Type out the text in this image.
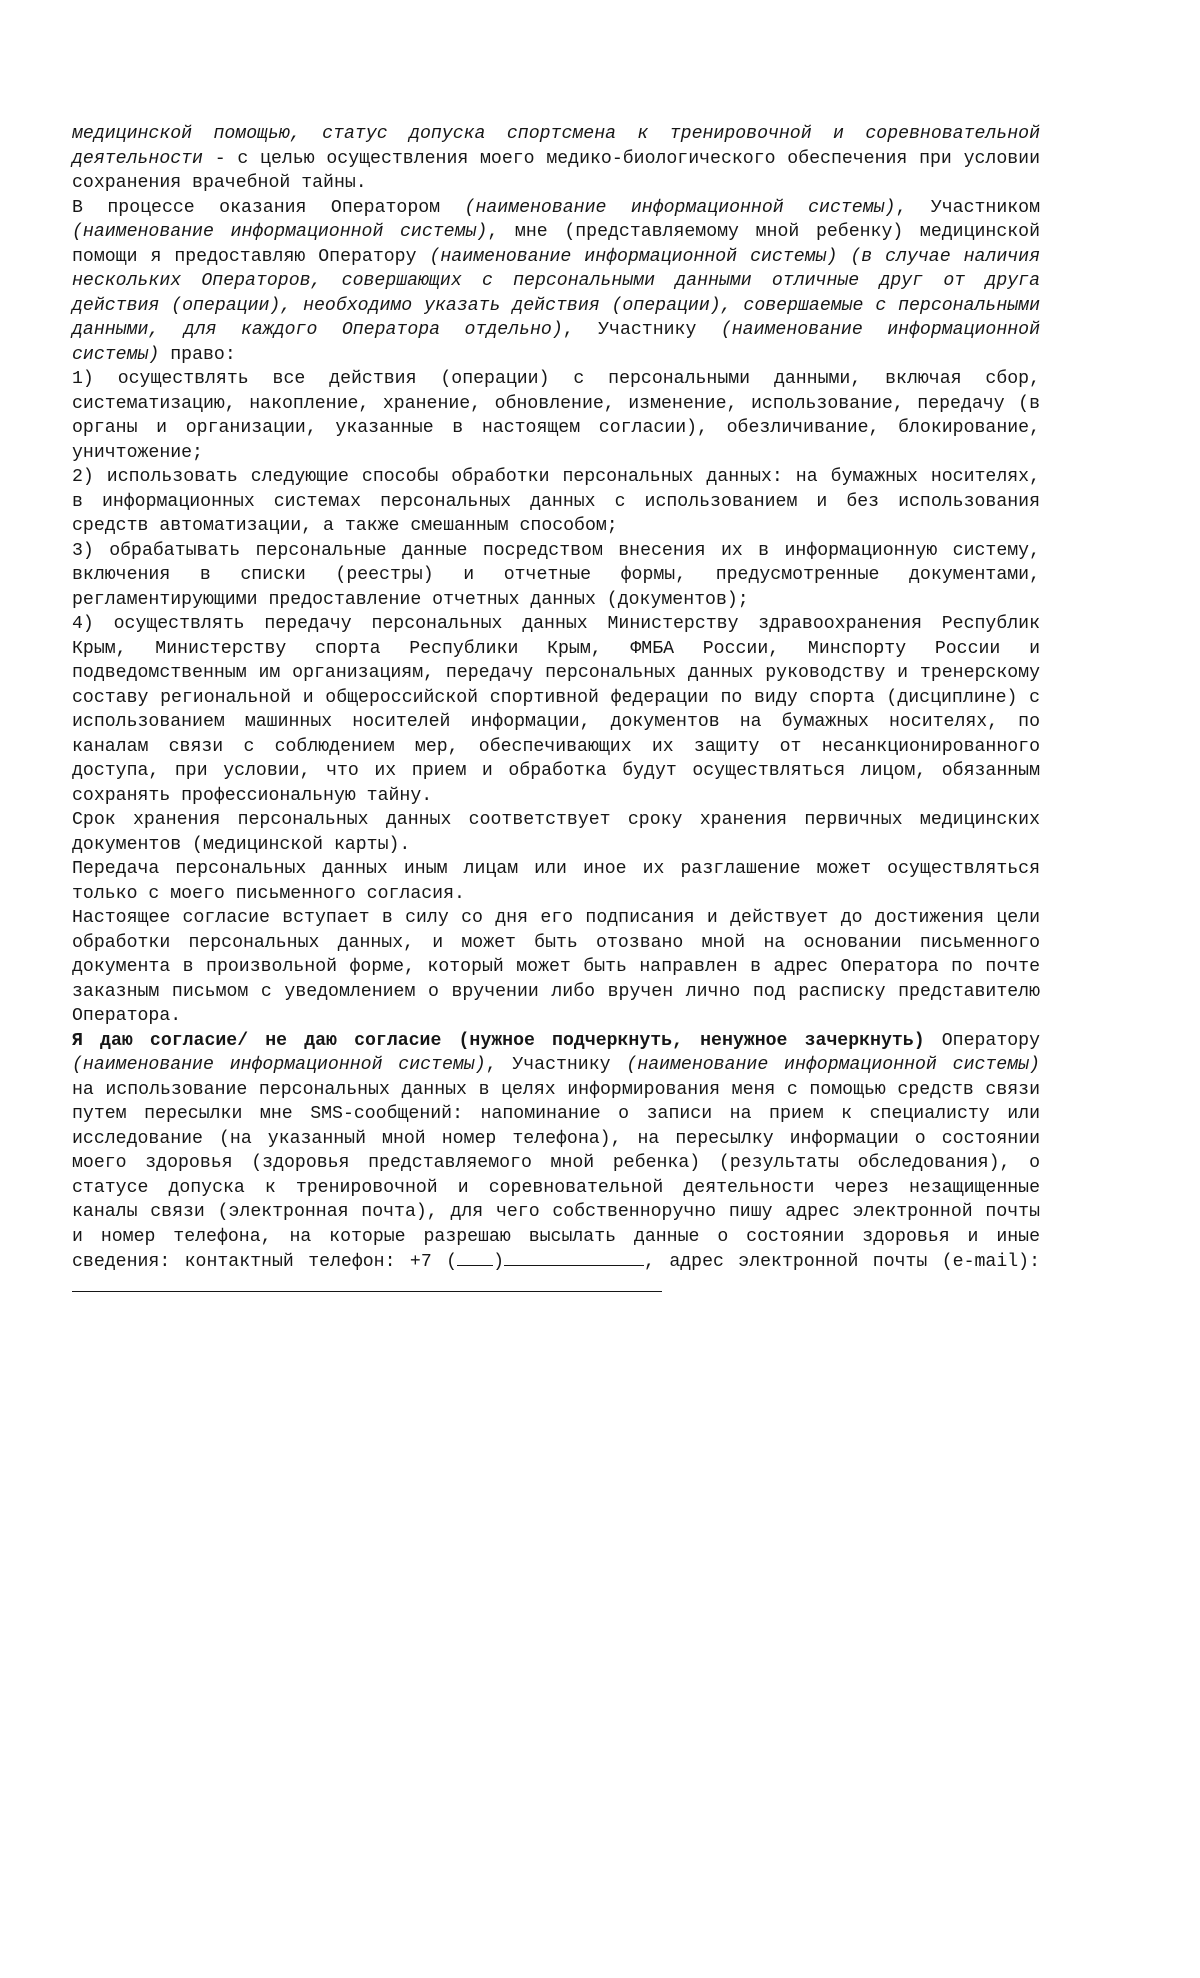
медицинской помощью, статус допуска спортсмена к тренировочной и соревновательной деятельности - с целью осуществления моего медико-биологического обеспечения при условии сохранения врачебной тайны.

В процессе оказания Оператором (наименование информационной системы), Участником (наименование информационной системы), мне (представляемому мной ребенку) медицинской помощи я предоставляю Оператору (наименование информационной системы) (в случае наличия нескольких Операторов, совершающих с персональными данными отличные друг от друга действия (операции), необходимо указать действия (операции), совершаемые с персональными данными, для каждого Оператора отдельно), Участнику (наименование информационной системы) право:

1) осуществлять все действия (операции) с персональными данными, включая сбор, систематизацию, накопление, хранение, обновление, изменение, использование, передачу (в органы и организации, указанные в настоящем согласии), обезличивание, блокирование, уничтожение;

2) использовать следующие способы обработки персональных данных: на бумажных носителях, в информационных системах персональных данных с использованием и без использования средств автоматизации, а также смешанным способом;

3) обрабатывать персональные данные посредством внесения их в информационную систему, включения в списки (реестры) и отчетные формы, предусмотренные документами, регламентирующими предоставление отчетных данных (документов);

4) осуществлять передачу персональных данных Министерству здравоохранения Республик Крым, Министерству спорта Республики Крым, ФМБА России, Минспорту России и подведомственным им организациям, передачу персональных данных руководству и тренерскому составу региональной и общероссийской спортивной федерации по виду спорта (дисциплине) с использованием машинных носителей информации, документов на бумажных носителях, по каналам связи с соблюдением мер, обеспечивающих их защиту от несанкционированного доступа, при условии, что их прием и обработка будут осуществляться лицом, обязанным сохранять профессиональную тайну.

Срок хранения персональных данных соответствует сроку хранения первичных медицинских документов (медицинской карты).

Передача персональных данных иным лицам или иное их разглашение может осуществляться только с моего письменного согласия.

Настоящее согласие вступает в силу со дня его подписания и действует до достижения цели обработки персональных данных, и может быть отозвано мной на основании письменного документа в произвольной форме, который может быть направлен в адрес Оператора по почте заказным письмом с уведомлением о вручении либо вручен лично под расписку представителю Оператора.

Я даю согласие/ не даю согласие (нужное подчеркнуть, ненужное зачеркнуть) Оператору (наименование информационной системы), Участнику (наименование информационной системы) на использование персональных данных в целях информирования меня с помощью средств связи путем пересылки мне SMS-сообщений: напоминание о записи на прием к специалисту или исследование (на указанный мной номер телефона), на пересылку информации о состоянии моего здоровья (здоровья представляемого мной ребенка) (результаты обследования), о статусе допуска к тренировочной и соревновательной деятельности через незащищенные каналы связи (электронная почта), для чего собственноручно пишу адрес электронной почты и номер телефона, на которые разрешаю высылать данные о состоянии здоровья и иные сведения: контактный телефон: +7 ( )	, адрес электронной почты (e-mail):
